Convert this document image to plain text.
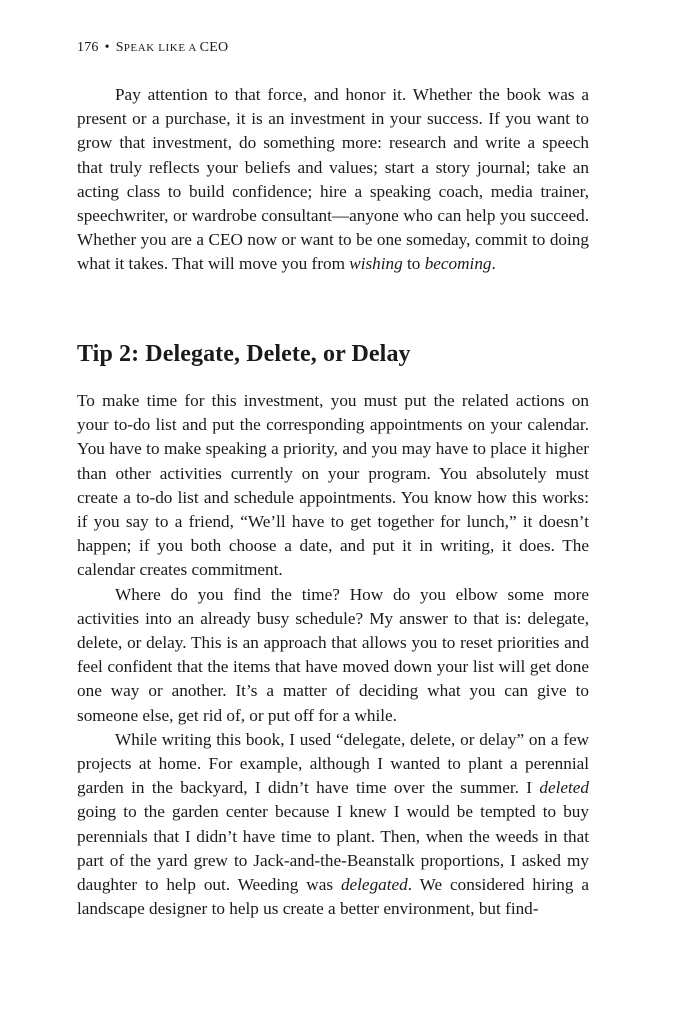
176 • SPEAK LIKE A CEO

Pay attention to that force, and honor it. Whether the book was a present or a purchase, it is an investment in your success. If you want to grow that investment, do something more: research and write a speech that truly reflects your beliefs and values; start a story journal; take an acting class to build confidence; hire a speaking coach, media trainer, speechwriter, or wardrobe consultant—anyone who can help you succeed. Whether you are a CEO now or want to be one someday, commit to doing what it takes. That will move you from wishing to becoming.

Tip 2: Delegate, Delete, or Delay

To make time for this investment, you must put the related actions on your to-do list and put the corresponding appointments on your calendar. You have to make speaking a priority, and you may have to place it higher than other activities currently on your program. You absolutely must create a to-do list and schedule appointments. You know how this works: if you say to a friend, “We’ll have to get together for lunch,” it doesn’t happen; if you both choose a date, and put it in writing, it does. The calendar creates commitment.

Where do you find the time? How do you elbow some more activities into an already busy schedule? My answer to that is: delegate, delete, or delay. This is an approach that allows you to reset priorities and feel confident that the items that have moved down your list will get done one way or another. It’s a matter of deciding what you can give to someone else, get rid of, or put off for a while.

While writing this book, I used “delegate, delete, or delay” on a few projects at home. For example, although I wanted to plant a perennial garden in the backyard, I didn’t have time over the summer. I deleted going to the garden center because I knew I would be tempted to buy perennials that I didn’t have time to plant. Then, when the weeds in that part of the yard grew to Jack-and-the-Beanstalk proportions, I asked my daughter to help out. Weeding was delegated. We considered hiring a landscape designer to help us create a better environment, but find-
